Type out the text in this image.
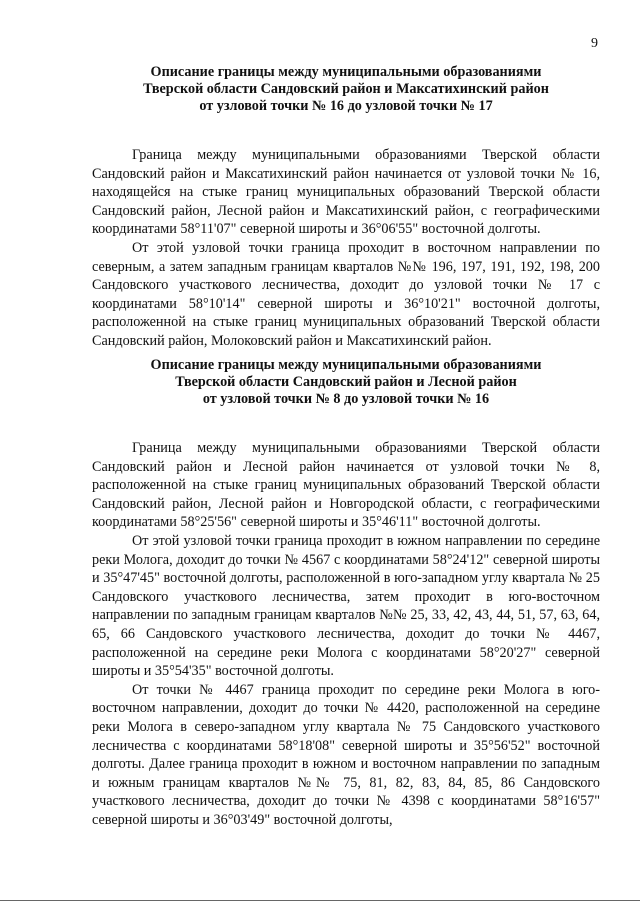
9
Описание границы между муниципальными образованиями
Тверской области Сандовский район и Максатихинский район
от узловой точки № 16 до узловой точки № 17

Граница между муниципальными образованиями Тверской области Сандовский район и Максатихинский район начинается от узловой точки № 16, находящейся на стыке границ муниципальных образований Тверской области Сандовский район, Лесной район и Максатихинский район, с географическими координатами 58°11'07" северной широты и 36°06'55" восточной долготы.

От этой узловой точки граница проходит в восточном направлении по северным, а затем западным границам кварталов №№ 196, 197, 191, 192, 198, 200 Сандовского участкового лесничества, доходит до узловой точки № 17 с координатами 58°10'14" северной широты и 36°10'21" восточной долготы, расположенной на стыке границ муниципальных образований Тверской области Сандовский район, Молоковский район и Максатихинский район.

Описание границы между муниципальными образованиями
Тверской области Сандовский район и Лесной район
от узловой точки № 8 до узловой точки № 16

Граница между муниципальными образованиями Тверской области Сандовский район и Лесной район начинается от узловой точки № 8, расположенной на стыке границ муниципальных образований Тверской области Сандовский район, Лесной район и Новгородской области, с географическими координатами 58°25'56" северной широты и 35°46'11" восточной долготы.

От этой узловой точки граница проходит в южном направлении по середине реки Молога, доходит до точки № 4567 с координатами 58°24'12" северной широты и 35°47'45" восточной долготы, расположенной в юго-западном углу квартала № 25 Сандовского участкового лесничества, затем проходит в юго-восточном направлении по западным границам кварталов №№ 25, 33, 42, 43, 44, 51, 57, 63, 64, 65, 66 Сандовского участкового лесничества, доходит до точки № 4467, расположенной на середине реки Молога с координатами 58°20'27" северной широты и 35°54'35" восточной долготы.

От точки № 4467 граница проходит по середине реки Молога в юго-восточном направлении, доходит до точки № 4420, расположенной на середине реки Молога в северо-западном углу квартала № 75 Сандовского участкового лесничества с координатами 58°18'08" северной широты и 35°56'52" восточной долготы. Далее граница проходит в южном и восточном направлении по западным и южным границам кварталов №№ 75, 81, 82, 83, 84, 85, 86 Сандовского участкового лесничества, доходит до точки № 4398 с координатами 58°16'57" северной широты и 36°03'49" восточной долготы,
